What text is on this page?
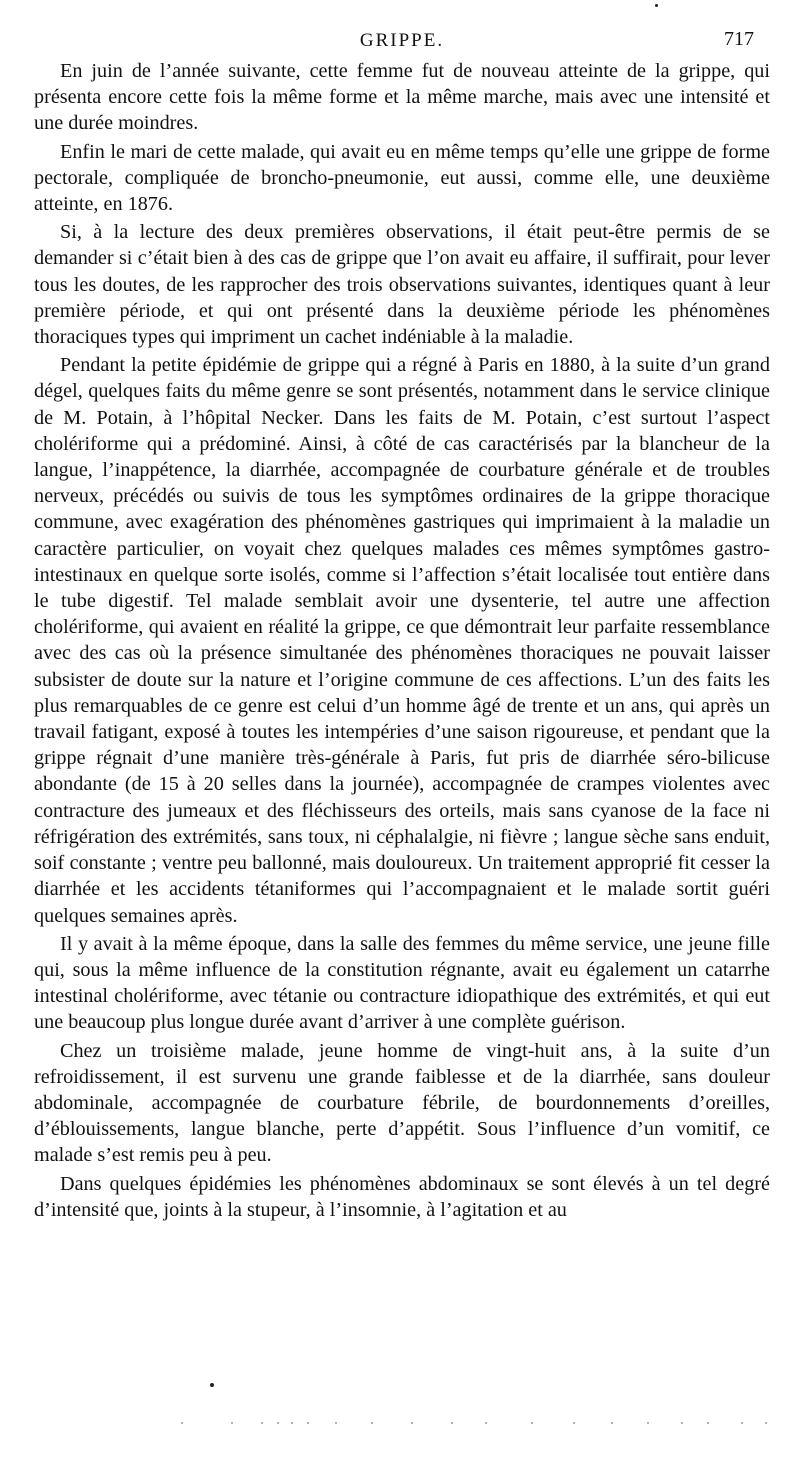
GRIPPE.	717

En juin de l’année suivante, cette femme fut de nouveau atteinte de la grippe, qui présenta encore cette fois la même forme et la même marche, mais avec une intensité et une durée moindres.

Enfin le mari de cette malade, qui avait eu en même temps qu’elle une grippe de forme pectorale, compliquée de broncho-pneumonie, eut aussi, comme elle, une deuxième atteinte, en 1876.

Si, à la lecture des deux premières observations, il était peut-être permis de se demander si c’était bien à des cas de grippe que l’on avait eu affaire, il suffirait, pour lever tous les doutes, de les rapprocher des trois observations suivantes, identiques quant à leur première période, et qui ont présenté dans la deuxième période les phénomènes thoraciques types qui impriment un cachet indéniable à la maladie.

Pendant la petite épidémie de grippe qui a régné à Paris en 1880, à la suite d’un grand dégel, quelques faits du même genre se sont présentés, notamment dans le service clinique de M. Potain, à l’hôpital Necker. Dans les faits de M. Potain, c’est surtout l’aspect cholériforme qui a prédominé. Ainsi, à côté de cas caractérisés par la blancheur de la langue, l’inappétence, la diarrhée, accompagnée de courbature générale et de troubles nerveux, précédés ou suivis de tous les symptômes ordinaires de la grippe thoracique commune, avec exagération des phénomènes gastriques qui imprimaient à la maladie un caractère particulier, on voyait chez quelques malades ces mêmes symptômes gastro-intestinaux en quelque sorte isolés, comme si l’affection s’était localisée tout entière dans le tube digestif. Tel malade semblait avoir une dysenterie, tel autre une affection cholériforme, qui avaient en réalité la grippe, ce que démontrait leur parfaite ressemblance avec des cas où la présence simultanée des phénomènes thoraciques ne pouvait laisser subsister de doute sur la nature et l’origine commune de ces affections. L’un des faits les plus remarquables de ce genre est celui d’un homme âgé de trente et un ans, qui après un travail fatigant, exposé à toutes les intempéries d’une saison rigoureuse, et pendant que la grippe régnait d’une manière très-générale à Paris, fut pris de diarrhée séro-bilicuse abondante (de 15 à 20 selles dans la journée), accompagnée de crampes violentes avec contracture des jumeaux et des fléchisseurs des orteils, mais sans cyanose de la face ni réfrigération des extrémités, sans toux, ni céphalalgie, ni fièvre ; langue sèche sans enduit, soif constante ; ventre peu ballonné, mais douloureux. Un traitement approprié fit cesser la diarrhée et les accidents tétaniformes qui l’accompagnaient et le malade sortit guéri quelques semaines après.

Il y avait à la même époque, dans la salle des femmes du même service, une jeune fille qui, sous la même influence de la constitution régnante, avait eu également un catarrhe intestinal cholériforme, avec tétanie ou contracture idiopathique des extrémités, et qui eut une beaucoup plus longue durée avant d’arriver à une complète guérison.

Chez un troisième malade, jeune homme de vingt-huit ans, à la suite d’un refroidissement, il est survenu une grande faiblesse et de la diarrhée, sans douleur abdominale, accompagnée de courbature fébrile, de bourdonnements d’oreilles, d’éblouissements, langue blanche, perte d’appétit. Sous l’influence d’un vomitif, ce malade s’est remis peu à peu.

Dans quelques épidémies les phénomènes abdominaux se sont élevés à un tel degré d’intensité que, joints à la stupeur, à l’insomnie, à l’agitation et au
